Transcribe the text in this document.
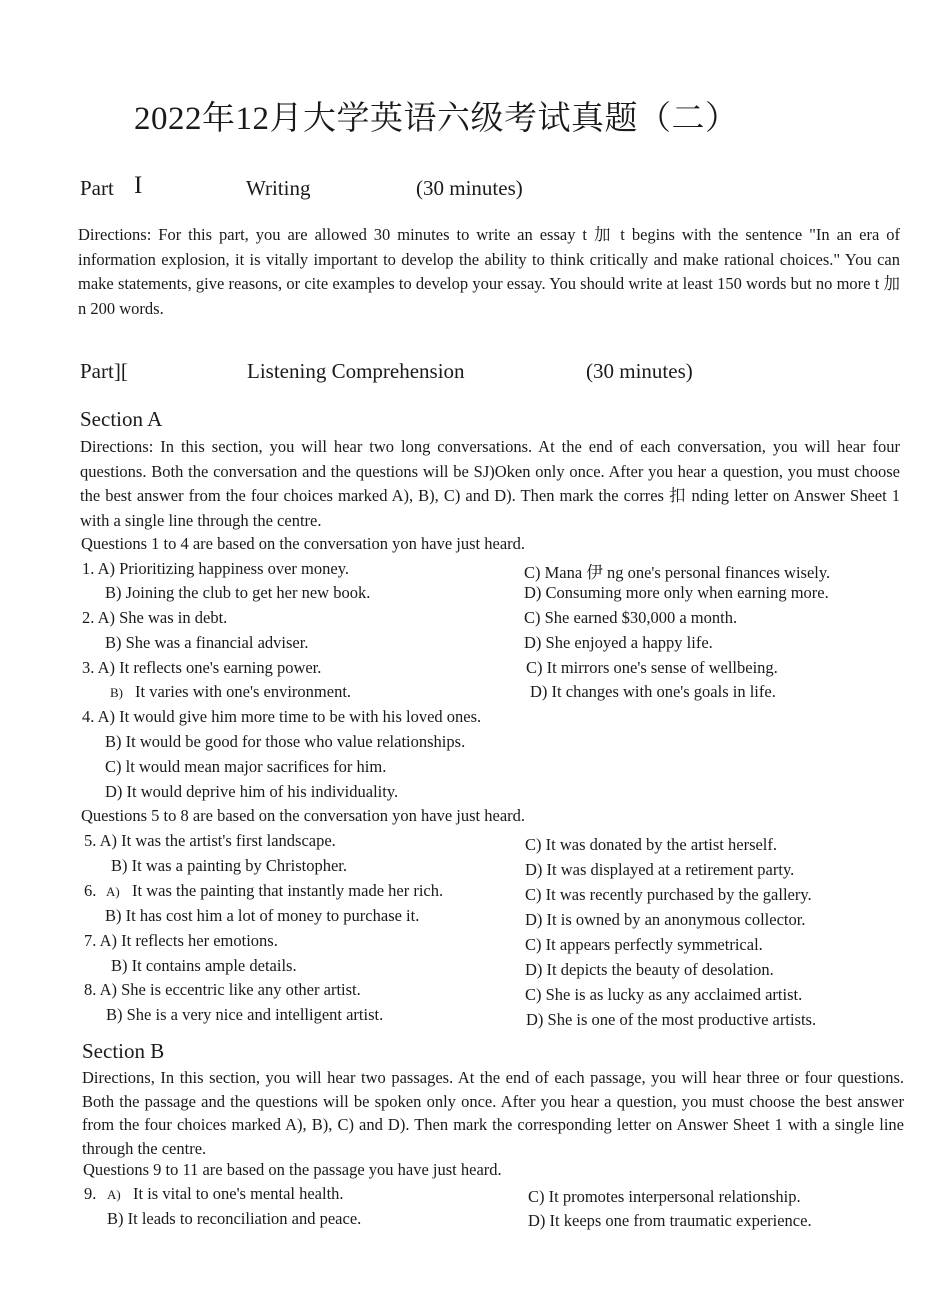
2022年12月大学英语六级考试真题（二）
Part I	Writing	(30 minutes)
Directions: For this part, you are allowed 30 minutes to write an essay t 加 t begins with the sentence "In an era of information explosion, it is vitally important to develop the ability to think critically and make rational choices." You can make statements, give reasons, or cite examples to develop your essay. You should write at least 150 words but no more t 加 n 200 words.
Part][	Listening Comprehension	(30 minutes)
Section A
Directions: In this section, you will hear two long conversations. At the end of each conversation, you will hear four questions. Both the conversation and the questions will be SJ)Oken only once. After you hear a question, you must choose the best answer from the four choices marked A), B), C) and D). Then mark the corres 扣 nding letter on Answer Sheet 1 with a single line through the centre.
Questions 1 to 4 are based on the conversation yon have just heard.
1. A) Prioritizing happiness over money.
B) Joining the club to get her new book.
C) Mana 伊 ng one's personal finances wisely.
D) Consuming more only when earning more.
2. A) She was in debt.
B) She was a financial adviser.
C) She earned $30,000 a month.
D) She enjoyed a happy life.
3. A) It reflects one's earning power.
B) It varies with one's environment.
C) It mirrors one's sense of wellbeing.
D) It changes with one's goals in life.
4. A) It would give him more time to be with his loved ones.
B) It would be good for those who value relationships.
C) lt would mean major sacrifices for him.
D) It would deprive him of his individuality.
Questions 5 to 8 are based on the conversation yon have just heard.
5. A) It was the artist's first landscape.
B) It was a painting by Christopher.
C) It was donated by the artist herself.
D) It was displayed at a retirement party.
6. A) It was the painting that instantly made her rich.
B) It has cost him a lot of money to purchase it.
C) It was recently purchased by the gallery.
D) It is owned by an anonymous collector.
7. A) It reflects her emotions.
B) It contains ample details.
C) It appears perfectly symmetrical.
D) It depicts the beauty of desolation.
8. A) She is eccentric like any other artist.
B) She is a very nice and intelligent artist.
C) She is as lucky as any acclaimed artist.
D) She is one of the most productive artists.
Section B
Directions, In this section, you will hear two passages. At the end of each passage, you will hear three or four questions. Both the passage and the questions will be spoken only once. After you hear a question, you must choose the best answer from the four choices marked A), B), C) and D). Then mark the corresponding letter on Answer Sheet 1 with a single line through the centre.
Questions 9 to 11 are based on the passage you have just heard.
9. A) It is vital to one's mental health.
B) It leads to reconciliation and peace.
C) It promotes interpersonal relationship.
D) It keeps one from traumatic experience.
